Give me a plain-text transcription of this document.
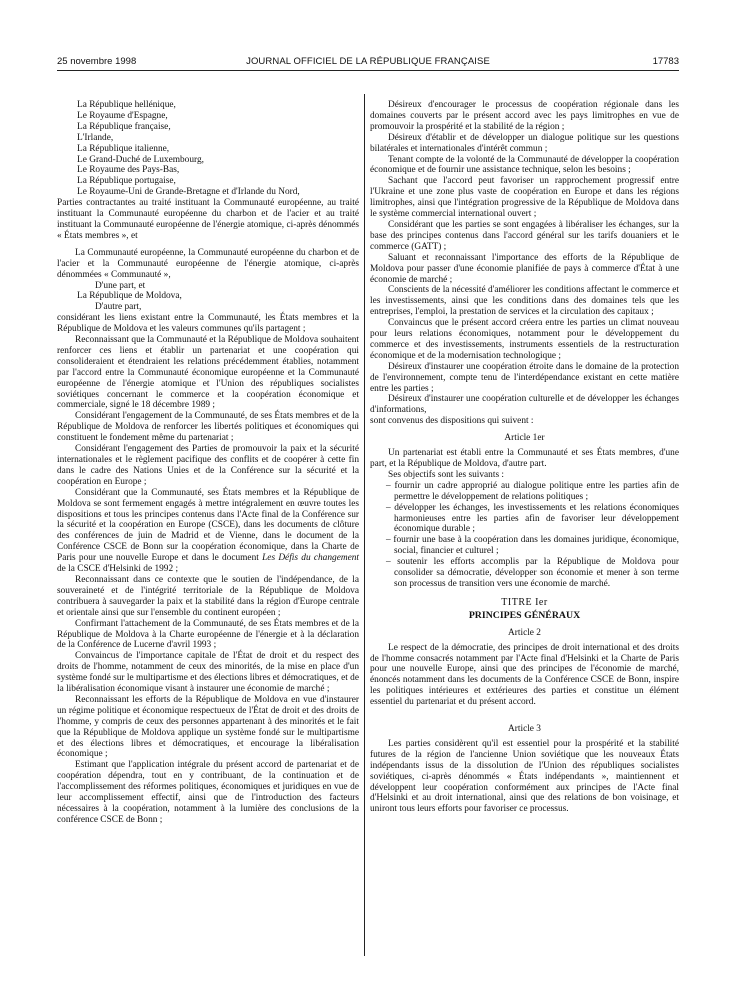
25 novembre 1998	JOURNAL OFFICIEL DE LA RÉPUBLIQUE FRANÇAISE	17783
La République hellénique,
Le Royaume d'Espagne,
La République française,
L'Irlande,
La République italienne,
Le Grand-Duché de Luxembourg,
Le Royaume des Pays-Bas,
La République portugaise,
Le Royaume-Uni de Grande-Bretagne et d'Irlande du Nord,

Parties contractantes au traité instituant la Communauté européenne, au traité instituant la Communauté européenne du charbon et de l'acier et au traité instituant la Communauté européenne de l'énergie atomique, ci-après dénommés « États membres », et

La Communauté européenne, la Communauté européenne du charbon et de l'acier et la Communauté européenne de l'énergie atomique, ci-après dénommées « Communauté »,

D'une part, et
La République de Moldova,
D'autre part,

considérant les liens existant entre la Communauté, les États membres et la République de Moldova et les valeurs communes qu'ils partagent ;

Reconnaissant que la Communauté et la République de Moldova souhaitent renforcer ces liens et établir un partenariat et une coopération qui consolideraient et étendraient les relations précédemment établies, notamment par l'accord entre la Communauté économique européenne et la Communauté européenne de l'énergie atomique et l'Union des républiques socialistes soviétiques concernant le commerce et la coopération économique et commerciale, signé le 18 décembre 1989 ;

Considérant l'engagement de la Communauté, de ses États membres et de la République de Moldova de renforcer les libertés politiques et économiques qui constituent le fondement même du partenariat ;

Considérant l'engagement des Parties de promouvoir la paix et la sécurité internationales et le règlement pacifique des conflits et de coopérer à cette fin dans le cadre des Nations Unies et de la Conférence sur la sécurité et la coopération en Europe ;

Considérant que la Communauté, ses États membres et la République de Moldova se sont fermement engagés à mettre intégralement en œuvre toutes les dispositions et tous les principes contenus dans l'Acte final de la Conférence sur la sécurité et la coopération en Europe (CSCE), dans les documents de clôture des conférences de juin de Madrid et de Vienne, dans le document de la Conférence CSCE de Bonn sur la coopération économique, dans la Charte de Paris pour une nouvelle Europe et dans le document Les Défis du changement de la CSCE d'Helsinki de 1992 ;

Reconnaissant dans ce contexte que le soutien de l'indépendance, de la souveraineté et de l'intégrité territoriale de la République de Moldova contribuera à sauvegarder la paix et la stabilité dans la région d'Europe centrale et orientale ainsi que sur l'ensemble du continent européen ;

Confirmant l'attachement de la Communauté, de ses États membres et de la République de Moldova à la Charte européenne de l'énergie et à la déclaration de la Conférence de Lucerne d'avril 1993 ;

Convaincus de l'importance capitale de l'État de droit et du respect des droits de l'homme, notamment de ceux des minorités, de la mise en place d'un système fondé sur le multipartisme et des élections libres et démocratiques, et de la libéralisation économique visant à instaurer une économie de marché ;

Reconnaissant les efforts de la République de Moldova en vue d'instaurer un régime politique et économique respectueux de l'État de droit et des droits de l'homme, y compris de ceux des personnes appartenant à des minorités et le fait que la République de Moldova applique un système fondé sur le multipartisme et des élections libres et démocratiques, et encourage la libéralisation économique ;

Estimant que l'application intégrale du présent accord de partenariat et de coopération dépendra, tout en y contribuant, de la continuation et de l'accomplissement des réformes politiques, économiques et juridiques en vue de leur accomplissement effectif, ainsi que de l'introduction des facteurs nécessaires à la coopération, notamment à la lumière des conclusions de la conférence CSCE de Bonn ;

Désireux d'encourager le processus de coopération régionale dans les domaines couverts par le présent accord avec les pays limitrophes en vue de promouvoir la prospérité et la stabilité de la région ;

Désireux d'établir et de développer un dialogue politique sur les questions bilatérales et internationales d'intérêt commun ;

Tenant compte de la volonté de la Communauté de développer la coopération économique et de fournir une assistance technique, selon les besoins ;

Sachant que l'accord peut favoriser un rapprochement progressif entre l'Ukraine et une zone plus vaste de coopération en Europe et dans les régions limitrophes, ainsi que l'intégration progressive de la République de Moldova dans le système commercial international ouvert ;

Considérant que les parties se sont engagées à libéraliser les échanges, sur la base des principes contenus dans l'accord général sur les tarifs douaniers et le commerce (GATT) ;

Saluant et reconnaissant l'importance des efforts de la République de Moldova pour passer d'une économie planifiée de pays à commerce d'État à une économie de marché ;

Conscients de la nécessité d'améliorer les conditions affectant le commerce et les investissements, ainsi que les conditions dans des domaines tels que les entreprises, l'emploi, la prestation de services et la circulation des capitaux ;

Convaincus que le présent accord créera entre les parties un climat nouveau pour leurs relations économiques, notamment pour le développement du commerce et des investissements, instruments essentiels de la restructuration économique et de la modernisation technologique ;

Désireux d'instaurer une coopération étroite dans le domaine de la protection de l'environnement, compte tenu de l'interdépendance existant en cette matière entre les parties ;

Désireux d'instaurer une coopération culturelle et de développer les échanges d'informations,

sont convenus des dispositions qui suivent :

Article 1er

Un partenariat est établi entre la Communauté et ses États membres, d'une part, et la République de Moldova, d'autre part.

Ses objectifs sont les suivants :

– fournir un cadre approprié au dialogue politique entre les parties afin de permettre le développement de relations politiques ;
– développer les échanges, les investissements et les relations économiques harmonieuses entre les parties afin de favoriser leur développement économique durable ;
– fournir une base à la coopération dans les domaines juridique, économique, social, financier et culturel ;
– soutenir les efforts accomplis par la République de Moldova pour consolider sa démocratie, développer son économie et mener à son terme son processus de transition vers une économie de marché.
TITRE Ier
PRINCIPES GÉNÉRAUX
Article 2

Le respect de la démocratie, des principes de droit international et des droits de l'homme consacrés notamment par l'Acte final d'Helsinki et la Charte de Paris pour une nouvelle Europe, ainsi que des principes de l'économie de marché, énoncés notamment dans les documents de la Conférence CSCE de Bonn, inspire les politiques intérieures et extérieures des parties et constitue un élément essentiel du partenariat et du présent accord.

Article 3

Les parties considèrent qu'il est essentiel pour la prospérité et la stabilité futures de la région de l'ancienne Union soviétique que les nouveaux États indépendants issus de la dissolution de l'Union des républiques socialistes soviétiques, ci-après dénommés « États indépendants », maintiennent et développent leur coopération conformément aux principes de l'Acte final d'Helsinki et au droit international, ainsi que des relations de bon voisinage, et uniront tous leurs efforts pour favoriser ce processus.
